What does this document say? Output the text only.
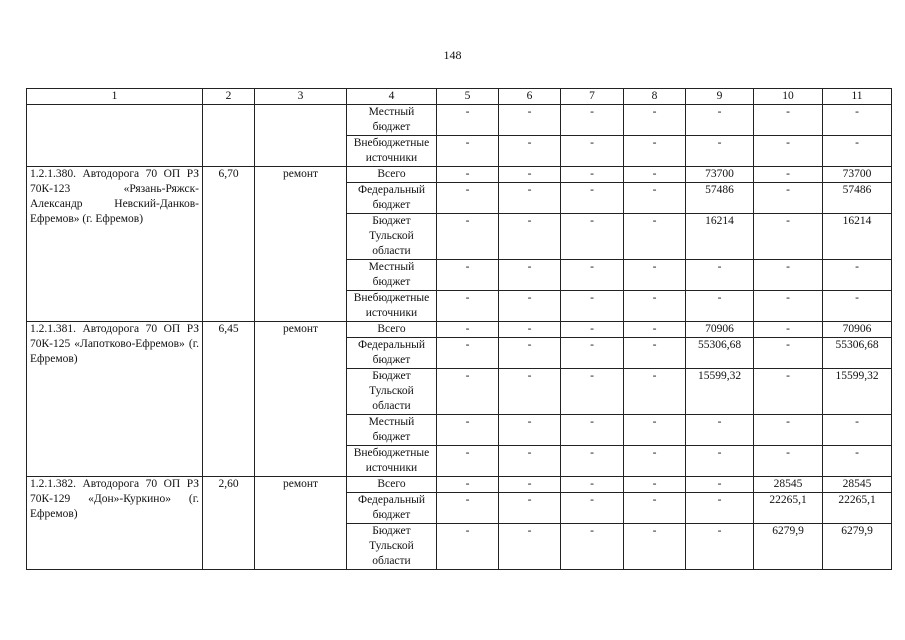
148
1	2	3	4	5	6	7	8	9	10	11
			Местный бюджет	-	-	-	-	-	-	-
			Внебюджетные источники	-	-	-	-	-	-	-
1.2.1.380. Автодорога 70 ОП РЗ 70К-123 «Рязань-Ряжск-Александр Невский-Данков-Ефремов» (г. Ефремов)	6,70	ремонт	Всего	-	-	-	-	73700	-	73700
			Федеральный бюджет	-	-	-	-	57486	-	57486
			Бюджет Тульской области	-	-	-	-	16214	-	16214
			Местный бюджет	-	-	-	-	-	-	-
			Внебюджетные источники	-	-	-	-	-	-	-
1.2.1.381. Автодорога 70 ОП РЗ 70К-125 «Лапотково-Ефремов» (г. Ефремов)	6,45	ремонт	Всего	-	-	-	-	70906	-	70906
			Федеральный бюджет	-	-	-	-	55306,68	-	55306,68
			Бюджет Тульской области	-	-	-	-	15599,32	-	15599,32
			Местный бюджет	-	-	-	-	-	-	-
			Внебюджетные источники	-	-	-	-	-	-	-
1.2.1.382. Автодорога 70 ОП РЗ 70К-129 «Дон»-Куркино» (г. Ефремов)	2,60	ремонт	Всего	-	-	-	-	-	28545	28545
			Федеральный бюджет	-	-	-	-	-	22265,1	22265,1
			Бюджет Тульской области	-	-	-	-	-	6279,9	6279,9
